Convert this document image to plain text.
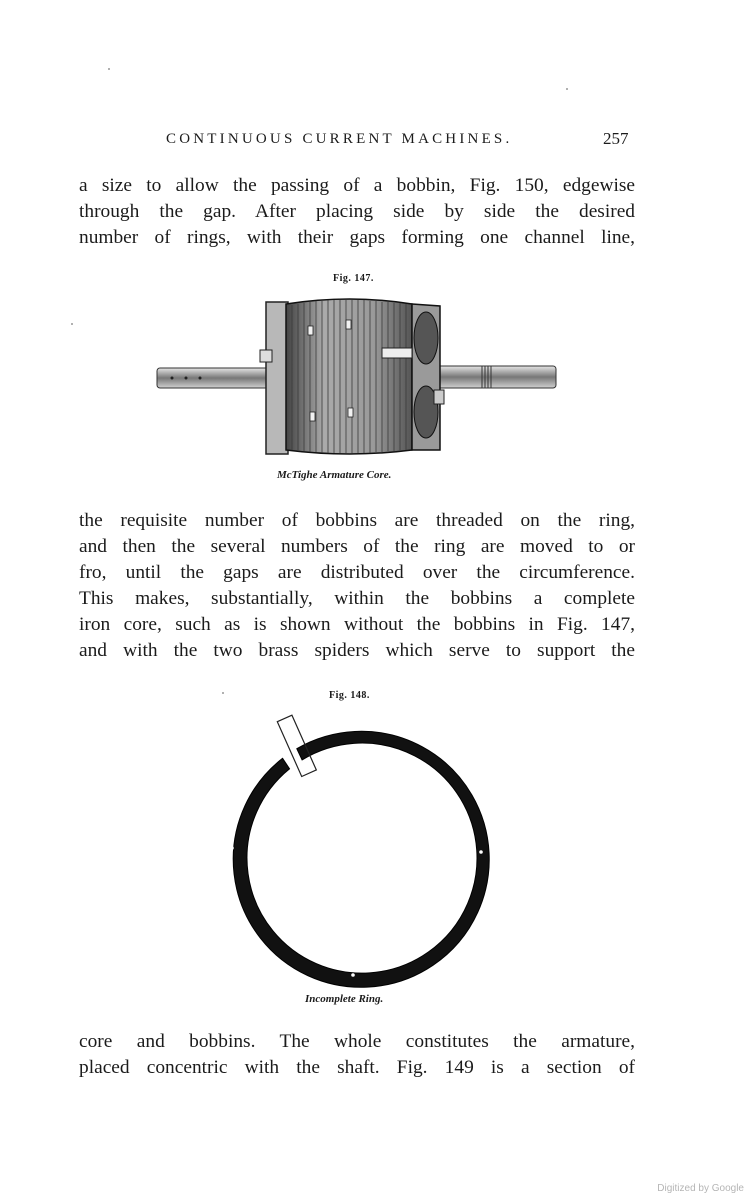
CONTINUOUS CURRENT MACHINES.	257
a size to allow the passing of a bobbin, Fig. 150, edgewise
through the gap. After placing side by side the desired
number of rings, with their gaps forming one channel line,
Fig. 147.
McTighe Armature Core.
the requisite number of bobbins are threaded on the ring,
and then the several numbers of the ring are moved to or
fro, until the gaps are distributed over the circumference.
This makes, substantially, within the bobbins a complete
iron core, such as is shown without the bobbins in Fig. 147,
and with the two brass spiders which serve to support the
Fig. 148.
Incomplete Ring.
core and bobbins. The whole constitutes the armature,
placed concentric with the shaft. Fig. 149 is a section of
Digitized by Google
